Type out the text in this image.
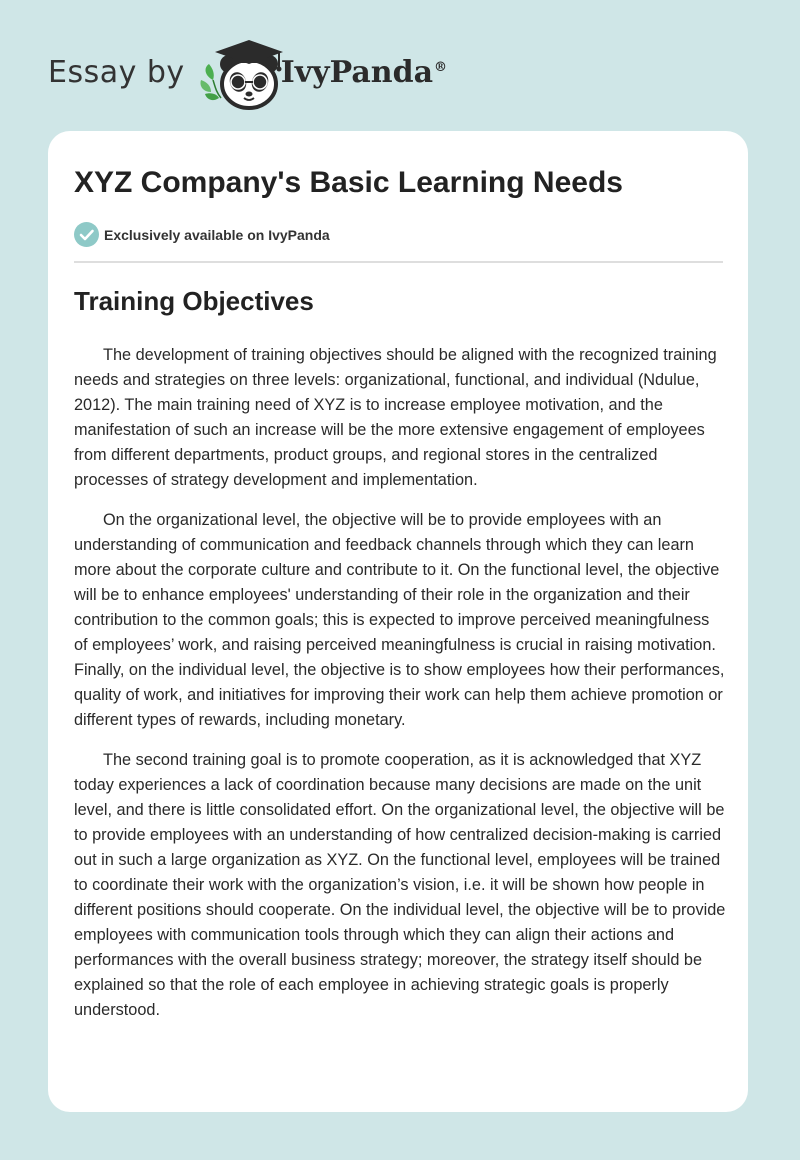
Essay by	IvyPanda®
XYZ Company's Basic Learning Needs
Exclusively available on IvyPanda
Training Objectives

The development of training objectives should be aligned with the recognized training needs and strategies on three levels: organizational, functional, and individual (Ndulue, 2012). The main training need of XYZ is to increase employee motivation, and the manifestation of such an increase will be the more extensive engagement of employees from different departments, product groups, and regional stores in the centralized processes of strategy development and implementation.

On the organizational level, the objective will be to provide employees with an understanding of communication and feedback channels through which they can learn more about the corporate culture and contribute to it. On the functional level, the objective will be to enhance employees' understanding of their role in the organization and their contribution to the common goals; this is expected to improve perceived meaningfulness of employees’ work, and raising perceived meaningfulness is crucial in raising motivation. Finally, on the individual level, the objective is to show employees how their performances, quality of work, and initiatives for improving their work can help them achieve promotion or different types of rewards, including monetary.

The second training goal is to promote cooperation, as it is acknowledged that XYZ today experiences a lack of coordination because many decisions are made on the unit level, and there is little consolidated effort. On the organizational level, the objective will be to provide employees with an understanding of how centralized decision-making is carried out in such a large organization as XYZ. On the functional level, employees will be trained to coordinate their work with the organization’s vision, i.e. it will be shown how people in different positions should cooperate. On the individual level, the objective will be to provide employees with communication tools through which they can align their actions and performances with the overall business strategy; moreover, the strategy itself should be explained so that the role of each employee in achieving strategic goals is properly understood.
